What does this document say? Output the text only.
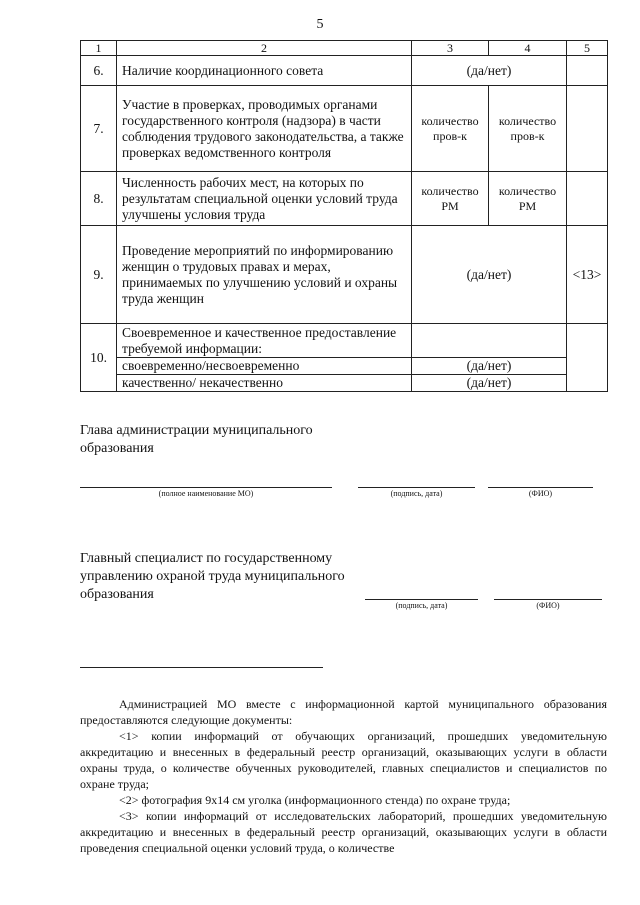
5
1	2	3	4	5
6.	Наличие координационного совета	(да/нет)		
7.	Участие в проверках, проводимых органами государственного контроля (надзора) в части соблюдения трудового законодательства, а также проверках ведомственного контроля	количество пров-к	количество пров-к	
8.	Численность рабочих мест, на которых по результатам специальной оценки условий труда улучшены условия труда	количество РМ	количество РМ	
9.	Проведение мероприятий по информированию женщин о трудовых правах и мерах, принимаемых по улучшению условий и охраны труда женщин	(да/нет)		<13>
10.	Своевременное и качественное предоставление требуемой информации:			
	своевременно/несвоевременно	(да/нет)		
	качественно/ некачественно	(да/нет)		
Глава администрации муниципального образования
(полное наименование МО)	(подпись, дата)	(ФИО)
Главный специалист по государственному управлению охраной труда муниципального образования
(подпись, дата)	(ФИО)

Администрацией МО вместе с информационной картой муниципального образования предоставляются следующие документы:

<1> копии информаций от обучающих организаций, прошедших уведомительную аккредитацию и внесенных в федеральный реестр организаций, оказывающих услуги в области охраны труда, о количестве обученных руководителей, главных специалистов и специалистов по охране труда;

<2> фотография 9х14 см уголка (информационного стенда) по охране труда;

<3> копии информаций от исследовательских лабораторий, прошедших уведомительную аккредитацию и внесенных в федеральный реестр организаций, оказывающих услуги в области проведения специальной оценки условий труда, о количестве
